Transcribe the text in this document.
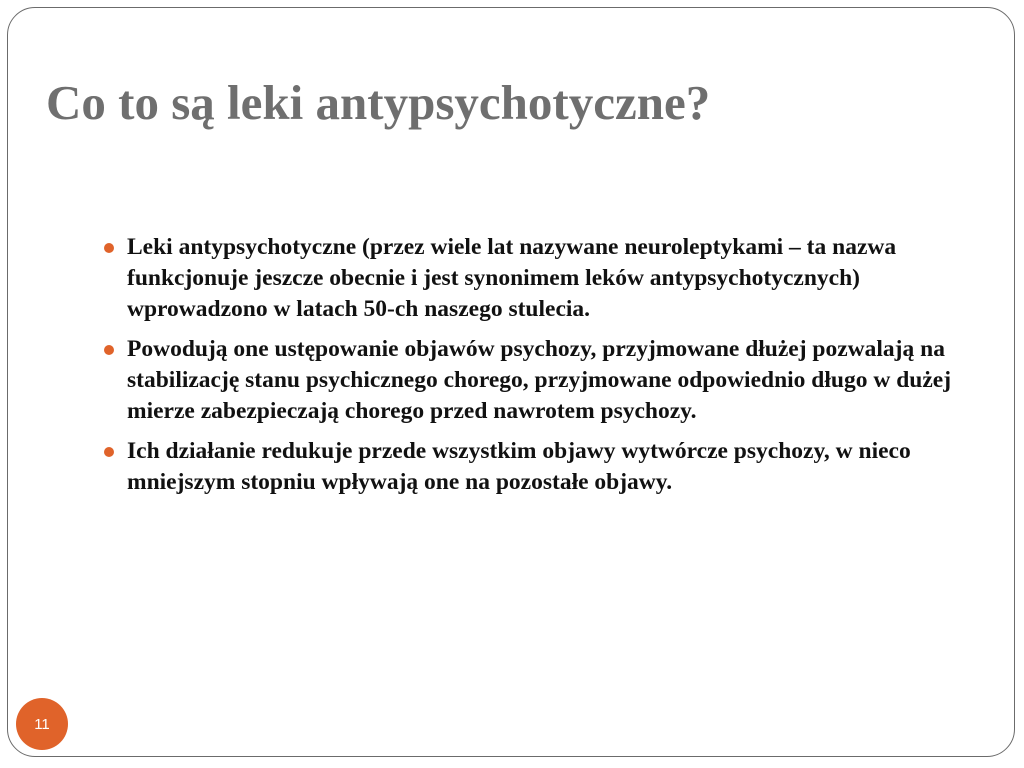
Co to są leki antypsychotyczne?
Leki antypsychotyczne (przez wiele lat nazywane neuroleptykami – ta nazwa funkcjonuje jeszcze obecnie i jest synonimem leków antypsychotycznych) wprowadzono w latach 50-ch naszego stulecia.
Powodują one ustępowanie objawów psychozy, przyjmowane dłużej pozwalają na stabilizację stanu psychicznego chorego, przyjmowane odpowiednio długo w dużej mierze zabezpieczają chorego przed nawrotem psychozy.
Ich działanie redukuje przede wszystkim objawy wytwórcze psychozy, w nieco mniejszym stopniu wpływają one na pozostałe objawy.
11
